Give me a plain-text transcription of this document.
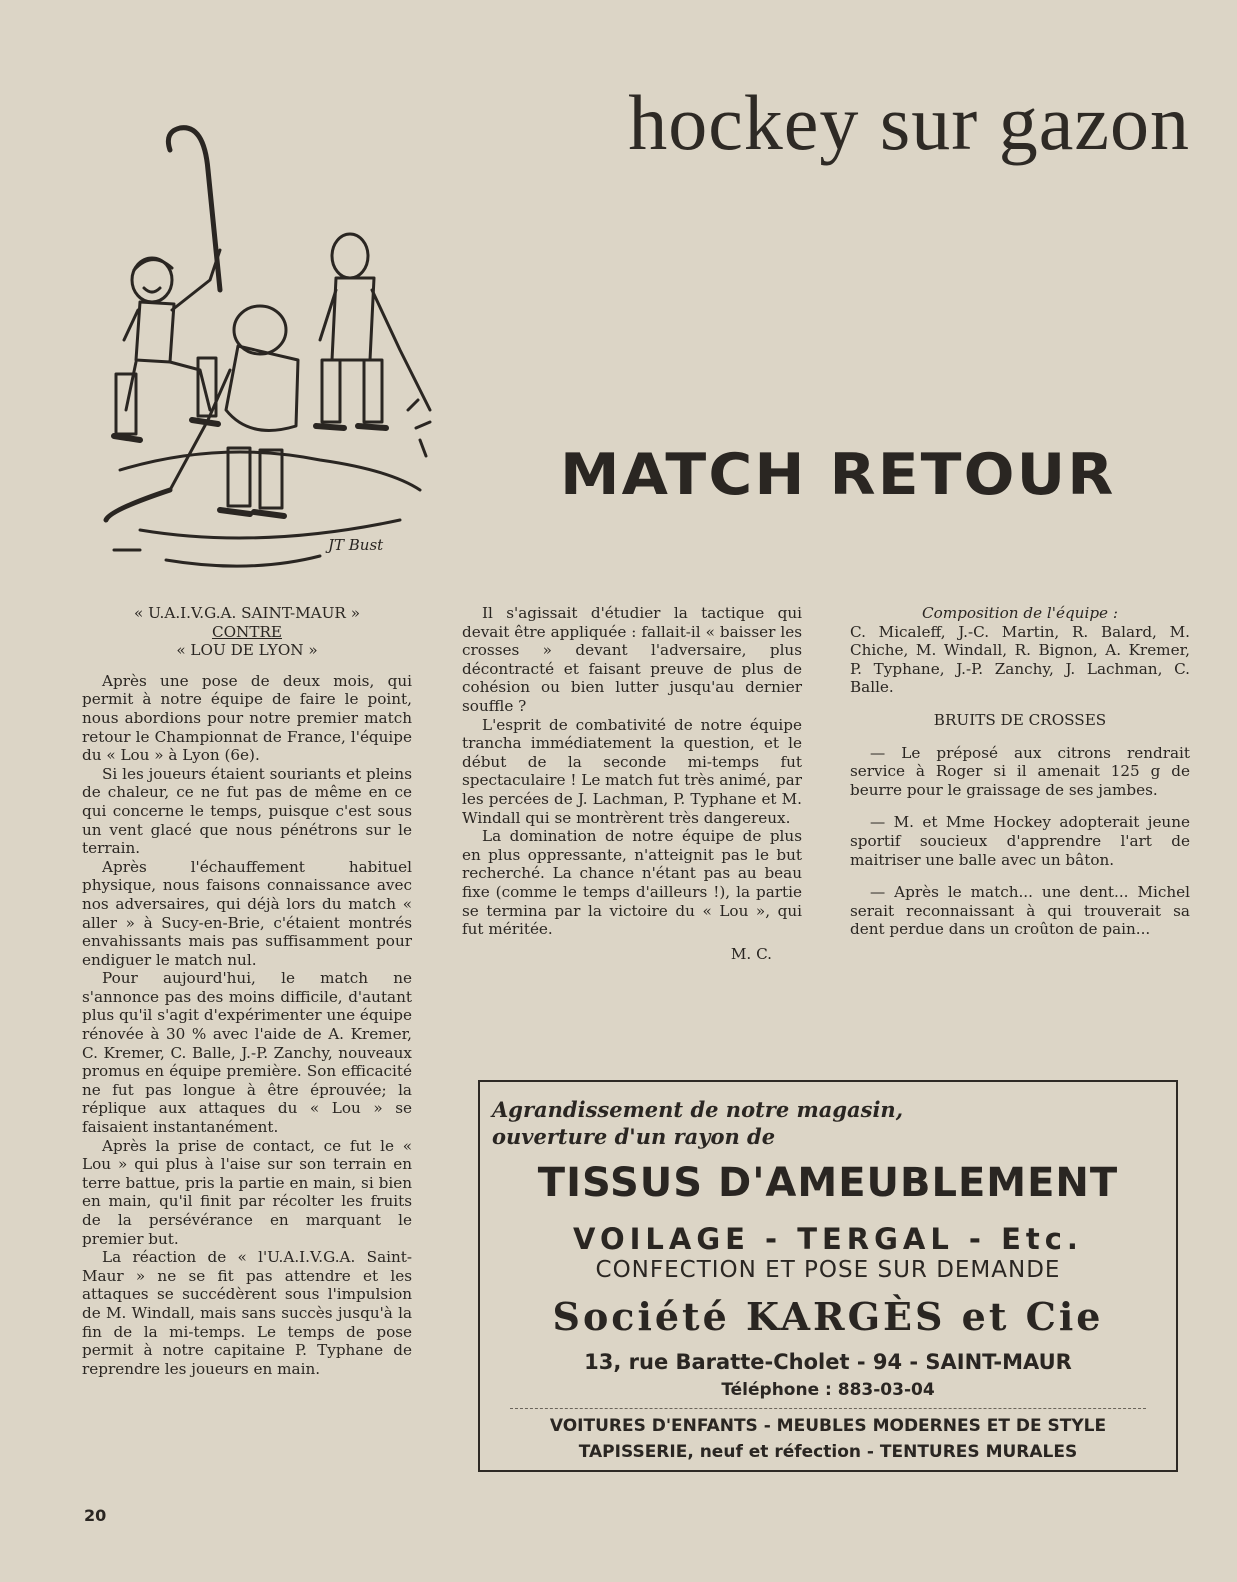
hockey sur gazon
JT Bust
MATCH RETOUR
« U.A.I.V.G.A. SAINT-MAUR »
CONTRE
« LOU DE LYON »

Après une pose de deux mois, qui permit à notre équipe de faire le point, nous abordions pour notre premier match retour le Championnat de France, l'équipe du « Lou » à Lyon (6e).

Si les joueurs étaient souriants et pleins de chaleur, ce ne fut pas de même en ce qui concerne le temps, puisque c'est sous un vent glacé que nous pénétrons sur le terrain.

Après l'échauffement habituel physique, nous faisons connaissance avec nos adversaires, qui déjà lors du match « aller » à Sucy-en-Brie, c'étaient montrés envahissants mais pas suffisamment pour endiguer le match nul.

Pour aujourd'hui, le match ne s'annonce pas des moins difficile, d'autant plus qu'il s'agit d'expérimenter une équipe rénovée à 30 % avec l'aide de A. Kremer, C. Kremer, C. Balle, J.-P. Zanchy, nouveaux promus en équipe première. Son efficacité ne fut pas longue à être éprouvée; la réplique aux attaques du « Lou » se faisaient instantanément.

Après la prise de contact, ce fut le « Lou » qui plus à l'aise sur son terrain en terre battue, pris la partie en main, si bien en main, qu'il finit par récolter les fruits de la persévérance en marquant le premier but.

La réaction de « l'U.A.I.V.G.A. Saint-Maur » ne se fit pas attendre et les attaques se succédèrent sous l'impulsion de M. Windall, mais sans succès jusqu'à la fin de la mi-temps. Le temps de pose permit à notre capitaine P. Typhane de reprendre les joueurs en main.

Il s'agissait d'étudier la tactique qui devait être appliquée : fallait-il « baisser les crosses » devant l'adversaire, plus décontracté et faisant preuve de plus de cohésion ou bien lutter jusqu'au dernier souffle ?

L'esprit de combativité de notre équipe trancha immédiatement la question, et le début de la seconde mi-temps fut spectaculaire ! Le match fut très animé, par les percées de J. Lachman, P. Typhane et M. Windall qui se montrèrent très dangereux.

La domination de notre équipe de plus en plus oppressante, n'atteignit pas le but recherché. La chance n'étant pas au beau fixe (comme le temps d'ailleurs !), la partie se termina par la victoire du « Lou », qui fut méritée.

M. C.

Composition de l'équipe :

C. Micaleff, J.-C. Martin, R. Balard, M. Chiche, M. Windall, R. Bignon, A. Kremer, P. Typhane, J.-P. Zanchy, J. Lachman, C. Balle.

BRUITS DE CROSSES

— Le préposé aux citrons rendrait service à Roger si il amenait 125 g de beurre pour le graissage de ses jambes.

— M. et Mme Hockey adopterait jeune sportif soucieux d'apprendre l'art de maitriser une balle avec un bâton.

— Après le match... une dent... Michel serait reconnaissant à qui trouverait sa dent perdue dans un croûton de pain...

Agrandissement de notre magasin,
ouverture d'un rayon de
TISSUS D'AMEUBLEMENT
VOILAGE - TERGAL - Etc.
CONFECTION ET POSE SUR DEMANDE
Société KARGÈS et Cie
13, rue Baratte-Cholet - 94 - SAINT-MAUR
Téléphone : 883-03-04
VOITURES D'ENFANTS - MEUBLES MODERNES ET DE STYLE
TAPISSERIE, neuf et réfection - TENTURES MURALES
20
